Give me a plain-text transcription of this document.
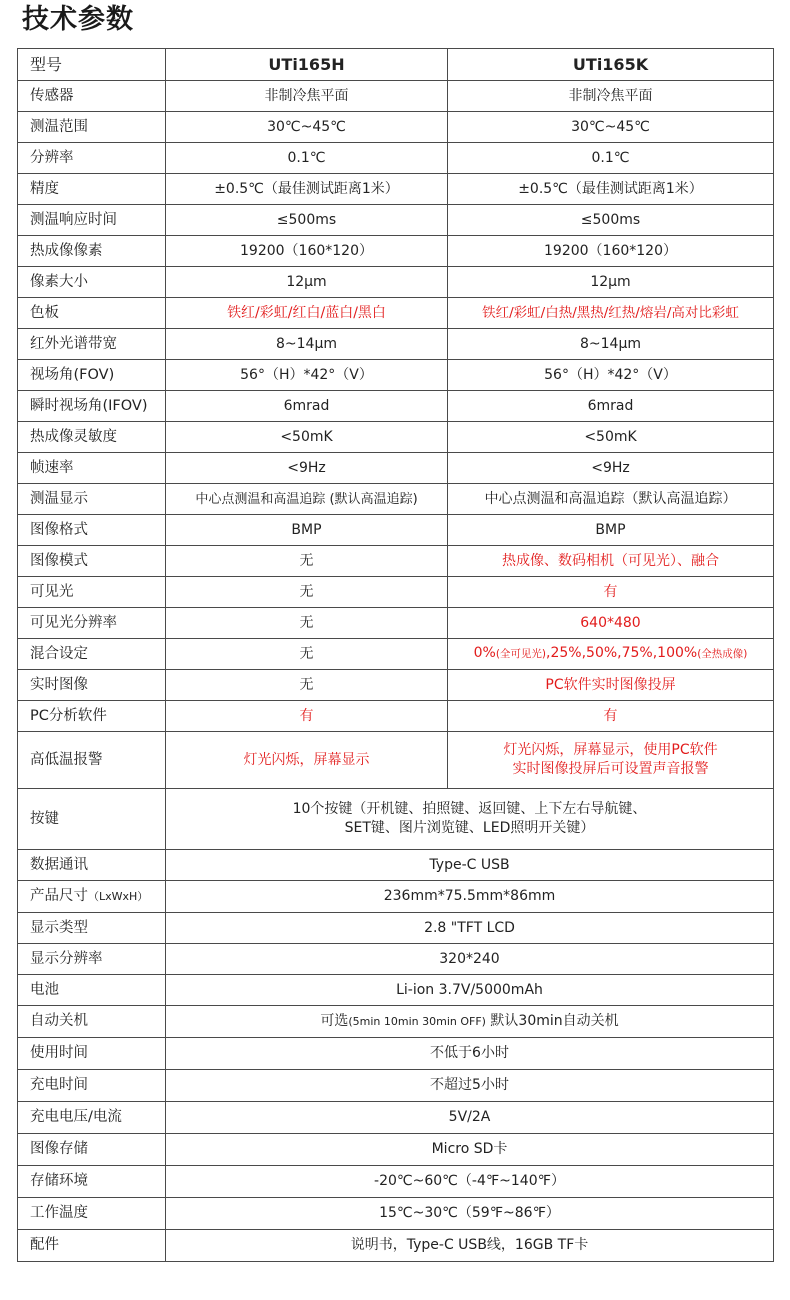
技术参数
型号	UTi165H	UTi165K
传感器	非制冷焦平面	非制冷焦平面
测温范围	30℃~45℃	30℃~45℃
分辨率	0.1℃	0.1℃
精度	±0.5℃（最佳测试距离1米）	±0.5℃（最佳测试距离1米）
测温响应时间	≤500ms	≤500ms
热成像像素	19200（160*120）	19200（160*120）
像素大小	12μm	12μm
色板	铁红/彩虹/红白/蓝白/黑白	铁红/彩虹/白热/黑热/红热/熔岩/高对比彩虹
红外光谱带宽	8~14μm	8~14μm
视场角(FOV)	56°（H）*42°（V）	56°（H）*42°（V）
瞬时视场角(IFOV)	6mrad	6mrad
热成像灵敏度	<50mK	<50mK
帧速率	<9Hz	<9Hz
测温显示	中心点测温和高温追踪 (默认高温追踪)	中心点测温和高温追踪（默认高温追踪）
图像格式	BMP	BMP
图像模式	无	热成像、数码相机（可见光）、融合
可见光	无	有
可见光分辨率	无	640*480
混合设定	无	0%(全可见光),25%,50%,75%,100%(全热成像)
实时图像	无	PC软件实时图像投屏
PC分析软件	有	有
高低温报警	灯光闪烁，屏幕显示	灯光闪烁，屏幕显示，使用PC软件
实时图像投屏后可设置声音报警

按键	10个按键（开机键、拍照键、返回键、上下左右导航键、
SET键、图片浏览键、LED照明开关键）	

数据通讯	Type-C USB	
产品尺寸（LxWxH）	236mm*75.5mm*86mm	
显示类型	2.8 "TFT LCD	
显示分辨率	320*240	
电池	Li-ion 3.7V/5000mAh	
自动关机	可选(5min 10min 30min OFF) 默认30min自动关机	
使用时间	不低于6小时	
充电时间	不超过5小时	
充电电压/电流	5V/2A	
图像存储	Micro SD卡	
存储环境	-20℃~60℃（-4℉~140℉）	
工作温度	15℃~30℃（59℉~86℉）	
配件	说明书，Type-C USB线，16GB TF卡	
